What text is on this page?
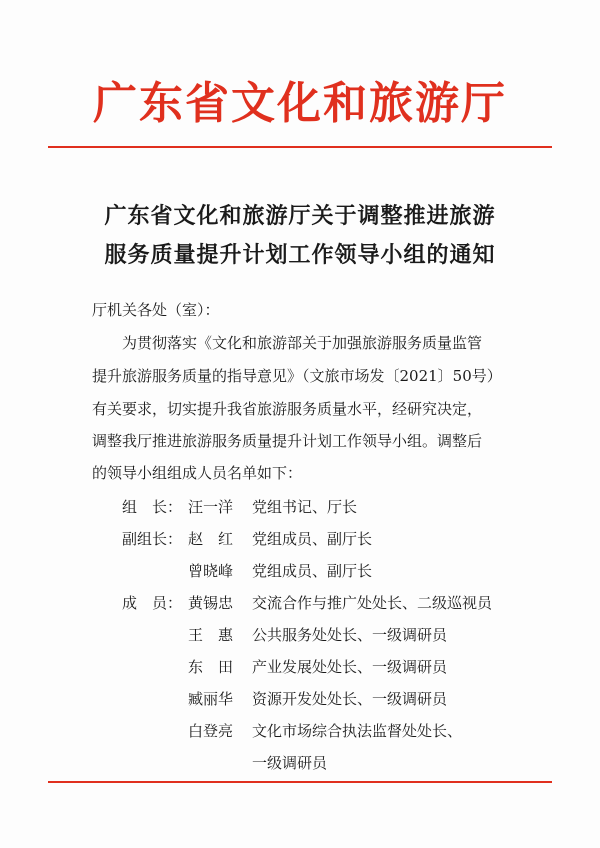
广东省文化和旅游厅
广东省文化和旅游厅关于调整推进旅游
服务质量提升计划工作领导小组的通知
厅机关各处（室）：
为贯彻落实《文化和旅游部关于加强旅游服务质量监管
提升旅游服务质量的指导意见》（文旅市场发〔2021〕50号）
有关要求，切实提升我省旅游服务质量水平，经研究决定，
调整我厅推进旅游服务质量提升计划工作领导小组。调整后
的领导小组组成人员名单如下：
组　长： 汪一洋	党组书记、厅长
副组长： 赵　红	党组成员、副厅长
曾晓峰	党组成员、副厅长
成　员： 黄锡忠	交流合作与推广处处长、二级巡视员
王　惠	公共服务处处长、一级调研员
东　田	产业发展处处长、一级调研员
臧丽华	资源开发处处长、一级调研员
白登亮	文化市场综合执法监督处处长、
一级调研员
